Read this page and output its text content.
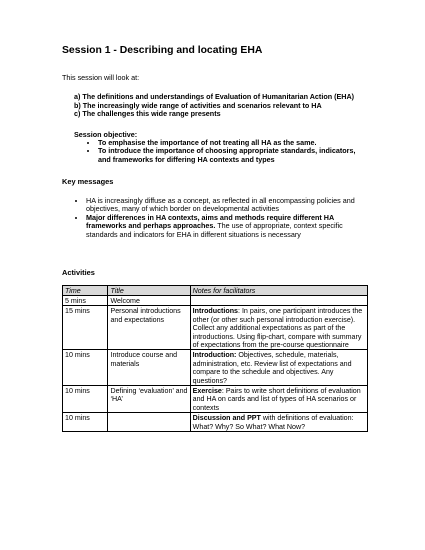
Session 1 - Describing and locating EHA
This session will look at:
a) The definitions and understandings of Evaluation of Humanitarian Action (EHA)
b) The increasingly wide range of activities and scenarios relevant to HA
c) The challenges this wide range presents
Session objective:
• To emphasise the importance of not treating all HA as the same.
• To introduce the importance of choosing appropriate standards, indicators, and frameworks for differing HA contexts and types
Key messages
• HA is increasingly diffuse as a concept, as reflected in all encompassing policies and objectives, many of which border on developmental activities
• Major differences in HA contexts, aims and methods require different HA frameworks and perhaps approaches. The use of appropriate, context specific standards and indicators for EHA in different situations is necessary
Activities
Time	Title	Notes for facilitators
5 mins	Welcome	
15 mins	Personal introductions and expectations	Introductions: In pairs, one participant introduces the other (or other such personal introduction exercise). Collect any additional expectations as part of the introductions. Using flip-chart, compare with summary of expectations from the pre-course questionnaire
10 mins	Introduce course and materials	Introduction: Objectives, schedule, materials, administration, etc. Review list of expectations and compare to the schedule and objectives. Any questions?
10 mins	Defining ‘evaluation’ and ‘HA’	Exercise: Pairs to write short definitions of evaluation and HA on cards and list of types of HA scenarios or contexts
10 mins		Discussion and PPT with definitions of evaluation: What? Why? So What? What Now?
